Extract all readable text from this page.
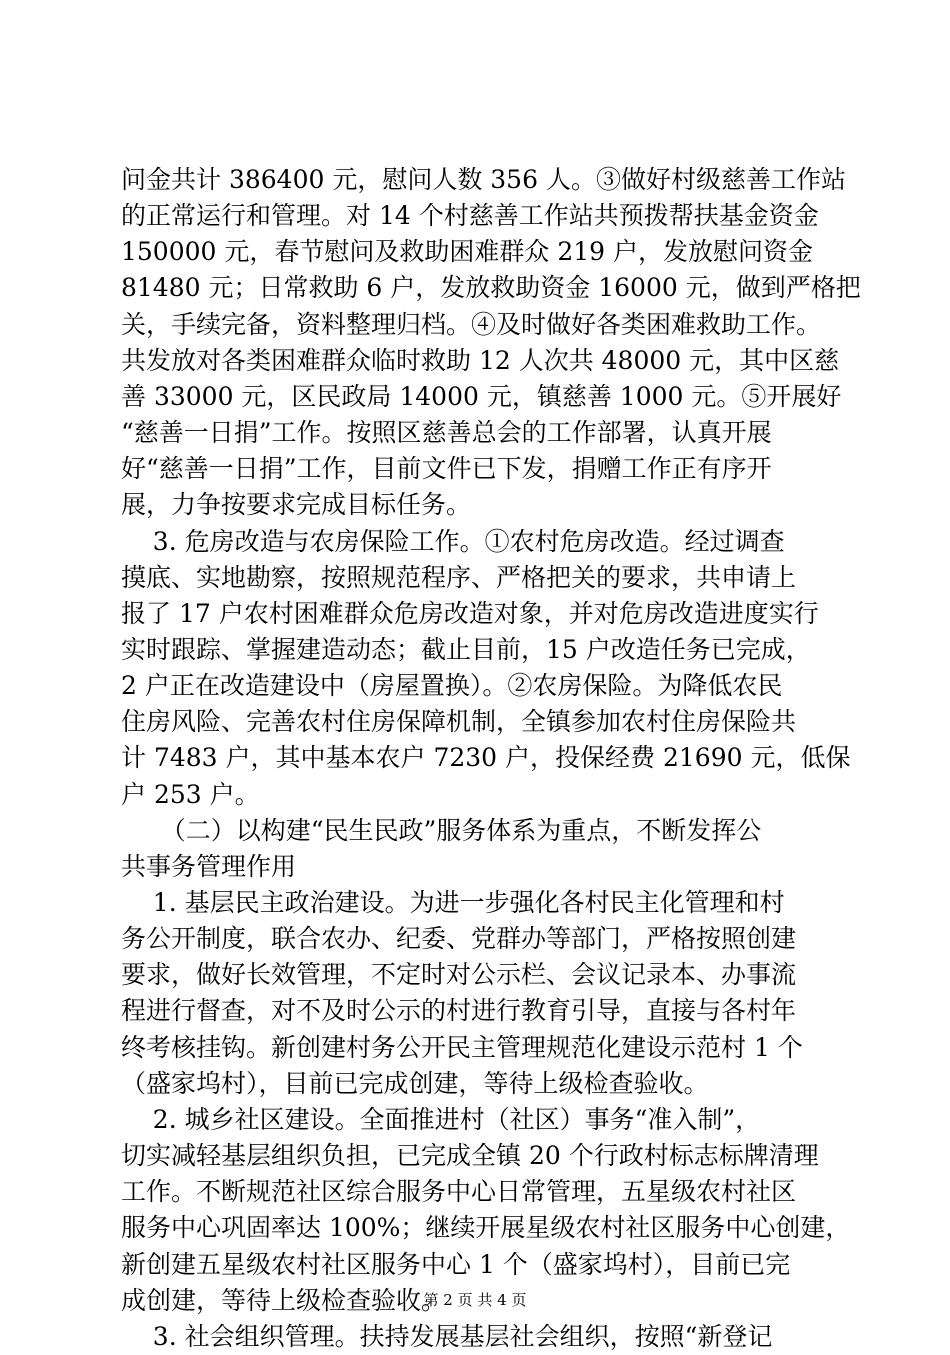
问金共计 386400 元，慰问人数 356 人。③做好村级慈善工作站
的正常运行和管理。对 14 个村慈善工作站共预拨帮扶基金资金
150000 元，春节慰问及救助困难群众 219 户，发放慰问资金
81480 元；日常救助 6 户，发放救助资金 16000 元，做到严格把
关，手续完备，资料整理归档。④及时做好各类困难救助工作。
共发放对各类困难群众临时救助 12 人次共 48000 元，其中区慈
善 33000 元，区民政局 14000 元，镇慈善 1000 元。⑤开展好
“慈善一日捐”工作。按照区慈善总会的工作部署，认真开展
好“慈善一日捐”工作，目前文件已下发，捐赠工作正有序开
展，力争按要求完成目标任务。
3. 危房改造与农房保险工作。①农村危房改造。经过调查
摸底、实地勘察，按照规范程序、严格把关的要求，共申请上
报了 17 户农村困难群众危房改造对象，并对危房改造进度实行
实时跟踪、掌握建造动态；截止目前，15 户改造任务已完成，
2 户正在改造建设中（房屋置换）。②农房保险。为降低农民
住房风险、完善农村住房保障机制，全镇参加农村住房保险共
计 7483 户，其中基本农户 7230 户，投保经费 21690 元，低保
户 253 户。
（二）以构建“民生民政”服务体系为重点，不断发挥公
共事务管理作用
1. 基层民主政治建设。为进一步强化各村民主化管理和村
务公开制度，联合农办、纪委、党群办等部门，严格按照创建
要求，做好长效管理，不定时对公示栏、会议记录本、办事流
程进行督查，对不及时公示的村进行教育引导，直接与各村年
终考核挂钩。新创建村务公开民主管理规范化建设示范村 1 个
（盛家坞村），目前已完成创建，等待上级检查验收。
2. 城乡社区建设。全面推进村（社区）事务“准入制”，
切实减轻基层组织负担，已完成全镇 20 个行政村标志标牌清理
工作。不断规范社区综合服务中心日常管理，五星级农村社区
服务中心巩固率达 100%；继续开展星级农村社区服务中心创建，
新创建五星级农村社区服务中心 1 个（盛家坞村），目前已完
成创建，等待上级检查验收。
3. 社会组织管理。扶持发展基层社会组织，按照“新登记
第 2 页 共 4 页
